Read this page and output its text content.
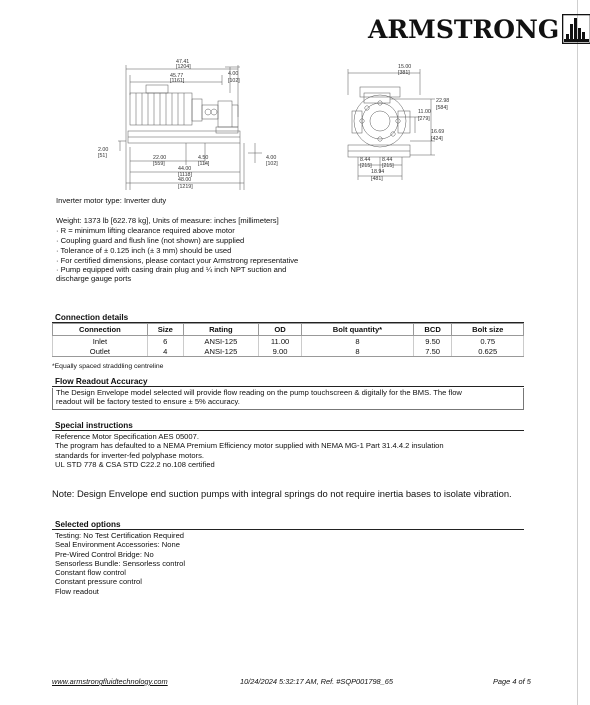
ARMSTRONG
47.41
[1204]
45.77
[1161]
4.00
[102]
2.00
[51]	22.00
[559]
4.50
[114]
4.00
[102]
44.00
[1118]
48.00
[1219]
15.00
[381]
22.98
[584]
11.00
[279]
16.69
[424]
8.44
[215]
8.44
[215]
18.94
[481]
Inverter motor type: Inverter duty
Weight: 1373 lb [622.78 kg], Units of measure: inches [millimeters]
· R = minimum lifting clearance required above motor
· Coupling guard and flush line (not shown) are supplied
· Tolerance of ± 0.125 inch (± 3 mm) should be used
· For certified dimensions, please contact your Armstrong representative
· Pump equipped with casing drain plug and ¼ inch NPT suction and
discharge gauge ports
Connection details
Connection	Size	Rating	OD	Bolt quantity*	BCD	Bolt size
Inlet	6	ANSI-125	11.00	8	9.50	0.75
Outlet	4	ANSI-125	9.00	8	7.50	0.625
*Equally spaced straddling centreline
Flow Readout Accuracy
The Design Envelope model selected will provide flow reading on the pump touchscreen & digitally for the BMS. The flow
readout will be factory tested to ensure ± 5% accuracy.
Special instructions
Reference Motor Specification AES 05007.
The program has defaulted to a NEMA Premium Efficiency motor supplied with NEMA MG-1 Part 31.4.4.2 insulation
standards for inverter-fed polyphase motors.
UL STD 778 & CSA STD C22.2 no.108 certified
Note: Design Envelope end suction pumps with integral springs do not require inertia bases to isolate vibration.
Selected options
Testing: No Test Certification Required
Seal Environment Accessories: None
Pre-Wired Control Bridge: No
Sensorless Bundle: Sensorless control
Constant flow control
Constant pressure control
Flow readout
www.armstrongfluidtechnology.com	10/24/2024 5:32:17 AM, Ref. #SQP001798_65	Page 4 of 5
